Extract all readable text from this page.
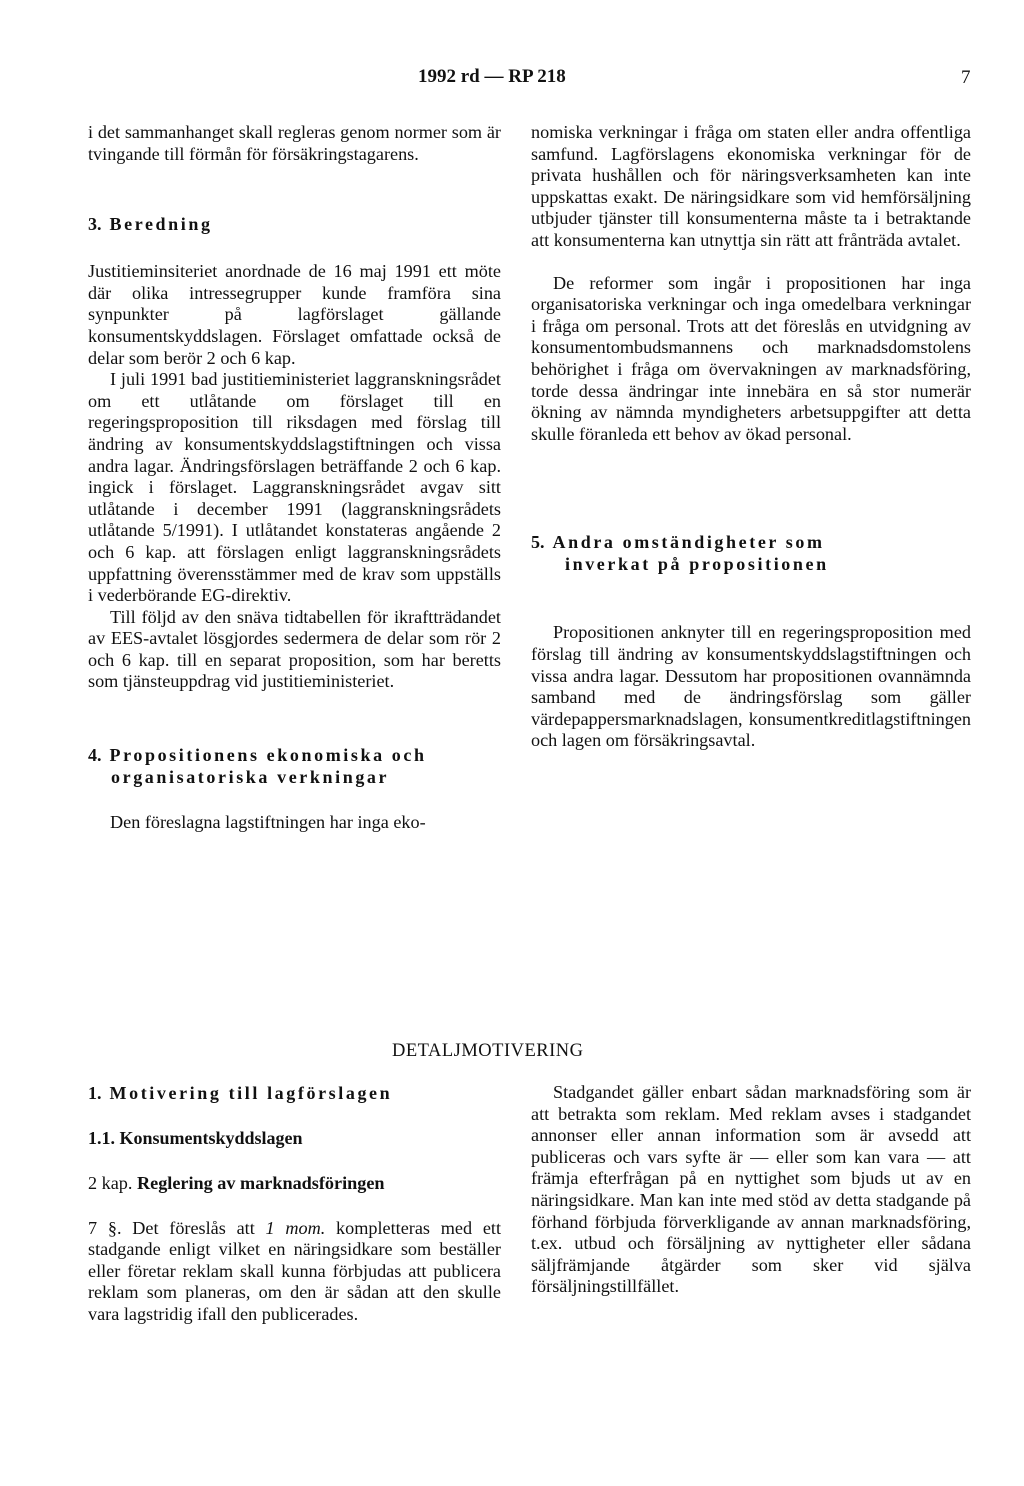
1992 rd — RP 218	7

i det sammanhanget skall regleras genom normer som är tvingande till förmån för försäkringstagarens.

3. Beredning

Justitieminsiteriet anordnade de 16 maj 1991 ett möte där olika intressegrupper kunde framföra sina synpunkter på lagförslaget gällande konsumentskyddslagen. Förslaget omfattade också de delar som berör 2 och 6 kap.

I juli 1991 bad justitieministeriet laggranskningsrådet om ett utlåtande om förslaget till en regeringsproposition till riksdagen med förslag till ändring av konsumentskyddslagstiftningen och vissa andra lagar. Ändringsförslagen beträffande 2 och 6 kap. ingick i förslaget. Laggranskningsrådet avgav sitt utlåtande i december 1991 (laggranskningsrådets utlåtande 5/1991). I utlåtandet konstateras angående 2 och 6 kap. att förslagen enligt laggranskningsrådets uppfattning överensstämmer med de krav som uppställs i vederbörande EG-direktiv.

Till följd av den snäva tidtabellen för ikraftträdandet av EES-avtalet lösgjordes sedermera de delar som rör 2 och 6 kap. till en separat proposition, som har beretts som tjänsteuppdrag vid justitieministeriet.

4. Propositionens ekonomiska och

organisatoriska verkningar

Den föreslagna lagstiftningen har inga eko-

nomiska verkningar i fråga om staten eller andra offentliga samfund. Lagförslagens ekonomiska verkningar för de privata hushållen och för näringsverksamheten kan inte uppskattas exakt. De näringsidkare som vid hemförsäljning utbjuder tjänster till konsumenterna måste ta i betraktande att konsumenterna kan utnyttja sin rätt att frånträda avtalet.

De reformer som ingår i propositionen har inga organisatoriska verkningar och inga omedelbara verkningar i fråga om personal. Trots att det föreslås en utvidgning av konsumentombudsmannens och marknadsdomstolens behörighet i fråga om övervakningen av marknadsföring, torde dessa ändringar inte innebära en så stor numerär ökning av nämnda myndigheters arbetsuppgifter att detta skulle föranleda ett behov av ökad personal.

5. Andra omständigheter som

inverkat på propositionen

Propositionen anknyter till en regeringsproposition med förslag till ändring av konsumentskyddslagstiftningen och vissa andra lagar. Dessutom har propositionen ovannämnda samband med de ändringsförslag som gäller värdepappersmarknadslagen, konsumentkreditlagstiftningen och lagen om försäkringsavtal.

DETALJMOTIVERING

1. Motivering till lagförslagen

1.1. Konsumentskyddslagen

2 kap. Reglering av marknadsföringen

7 §. Det föreslås att 1 mom. kompletteras med ett stadgande enligt vilket en näringsidkare som beställer eller företar reklam skall kunna förbjudas att publicera reklam som planeras, om den är sådan att den skulle vara lagstridig ifall den publicerades.

Stadgandet gäller enbart sådan marknadsföring som är att betrakta som reklam. Med reklam avses i stadgandet annonser eller annan information som är avsedd att publiceras och vars syfte är — eller som kan vara — att främja efterfrågan på en nyttighet som bjuds ut av en näringsidkare. Man kan inte med stöd av detta stadgande på förhand förbjuda förverkligande av annan marknadsföring, t.ex. utbud och försäljning av nyttigheter eller sådana säljfrämjande åtgärder som sker vid själva försäljningstillfället.
